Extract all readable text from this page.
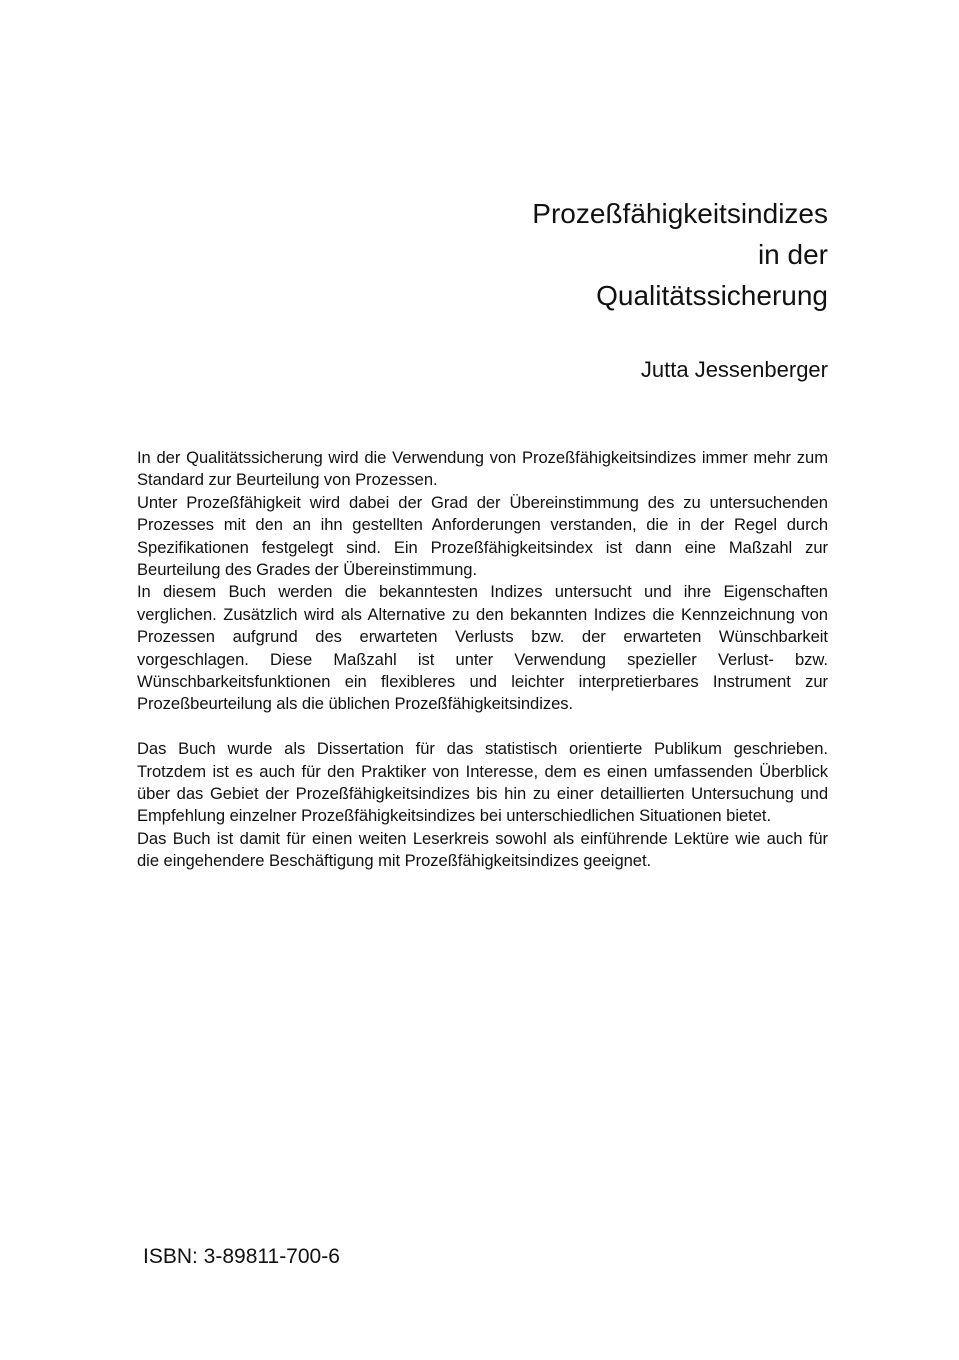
Prozeßfähigkeitsindizes
in der
Qualitätssicherung
Jutta Jessenberger

In der Qualitätssicherung wird die Verwendung von Prozeßfähigkeitsindizes immer mehr zum Standard zur Beurteilung von Prozessen.

Unter Prozeßfähigkeit wird dabei der Grad der Übereinstimmung des zu untersuchenden Prozesses mit den an ihn gestellten Anforderungen verstanden, die in der Regel durch Spezifikationen festgelegt sind. Ein Prozeßfähigkeitsindex ist dann eine Maßzahl zur Beurteilung des Grades der Übereinstimmung.

In diesem Buch werden die bekanntesten Indizes untersucht und ihre Eigenschaften verglichen. Zusätzlich wird als Alternative zu den bekannten Indizes die Kennzeichnung von Prozessen aufgrund des erwarteten Verlusts bzw. der erwarteten Wünschbarkeit vorgeschlagen. Diese Maßzahl ist unter Verwendung spezieller Verlust- bzw. Wünschbarkeitsfunktionen ein flexibleres und leichter interpretierbares Instrument zur Prozeßbeurteilung als die üblichen Prozeßfähigkeitsindizes.

Das Buch wurde als Dissertation für das statistisch orientierte Publikum geschrieben. Trotzdem ist es auch für den Praktiker von Interesse, dem es einen umfassenden Überblick über das Gebiet der Prozeßfähigkeitsindizes bis hin zu einer detaillierten Untersuchung und Empfehlung einzelner Prozeßfähigkeitsindizes bei unterschiedlichen Situationen bietet.

Das Buch ist damit für einen weiten Leserkreis sowohl als einführende Lektüre wie auch für die eingehendere Beschäftigung mit Prozeßfähigkeitsindizes geeignet.

ISBN: 3-89811-700-6
